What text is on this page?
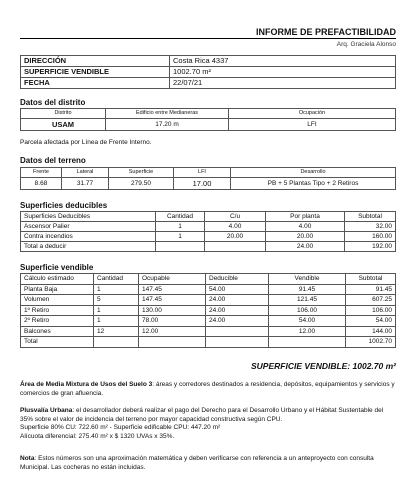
INFORME DE PREFACTIBILIDAD
Arq. Graciela Alonso
DIRECCIÓN	Costa Rica 4337
SUPERFICIE VENDIBLE	1002.70 m²
FECHA	22/07/21
Datos del distrito
Distrito	Edificio entre Medianeras	Ocupación
USAM	17.20 m	LFI
Parcela afectada por Línea de Frente Interno.
Datos del terreno
Frente	Lateral	Superficie	LFI	Desarrollo
8.68	31.77	279.50	17.00	PB + 5 Plantas Tipo + 2 Retiros
Superficies deducibles
Superficies Deducibles	Cantidad	C/u	Por planta	Subtotal
Ascensor Palier	1	4.00	4.00	32.00
Contra incendios	1	20.00	20.00	160.00
Total a deducir			24.00	192.00
Superficie vendible
Cálculo estimado	Cantidad	Ocupable	Deducible	Vendible	Subtotal
Planta Baja	1	147.45	54.00	91.45	91.45
Volumen	5	147.45	24.00	121.45	607.25
1º Retiro	1	130.00	24.00	106.00	106.00
2º Retiro	1	78.00	24.00	54.00	54.00
Balcones	12	12.00		12.00	144.00
Total					1002.70
SUPERFICIE VENDIBLE: 1002.70 m²
Área de Media Mixtura de Usos del Suelo 3: áreas y corredores destinados a residencia, depósitos, equipamientos y servicios y comercios de gran afluencia.
Plusvalía Urbana: el desarrollador deberá realizar el pago del Derecho para el Desarrollo Urbano y el Hábitat Sustentable del 35% sobre el valor de incidencia del terreno por mayor capacidad constructiva según CPU.
Superficie 80% CU: 722.60 m² - Superficie edificable CPU: 447.20 m²
Alícuota diferencial: 275.40 m² x $ 1320 UVAs x 35%.
Nota: Estos números son una aproximación matemática y deben verificarse con referencia a un anteproyecto con consulta Municipal. Las cocheras no están incluidas.
